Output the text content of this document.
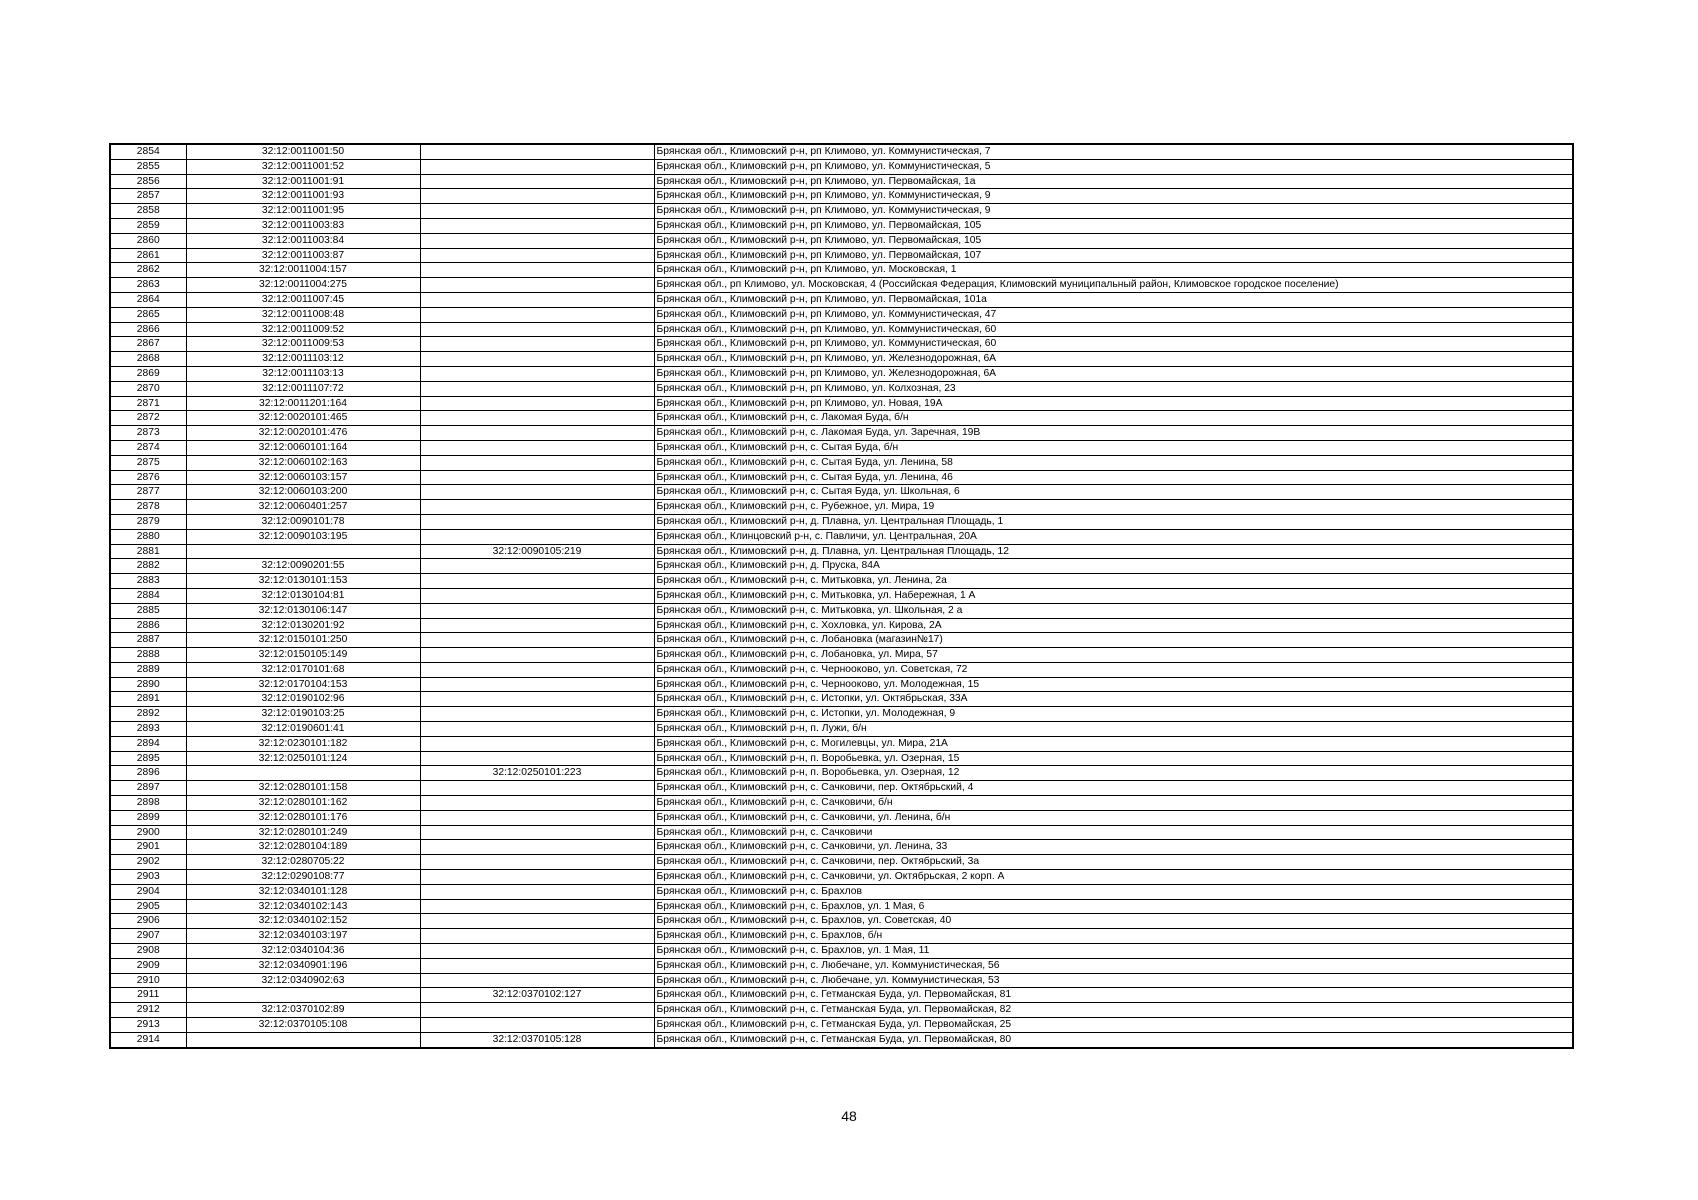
2854	32:12:0011001:50		Брянская обл., Климовский р-н, рп Климово, ул. Коммунистическая, 7
2855	32:12:0011001:52		Брянская обл., Климовский р-н, рп Климово, ул. Коммунистическая, 5
2856	32:12:0011001:91		Брянская обл., Климовский р-н, рп Климово, ул. Первомайская, 1а
2857	32:12:0011001:93		Брянская обл., Климовский р-н, рп Климово, ул. Коммунистическая, 9
2858	32:12:0011001:95		Брянская обл., Климовский р-н, рп Климово, ул. Коммунистическая, 9
2859	32:12:0011003:83		Брянская обл., Климовский р-н, рп Климово, ул. Первомайская, 105
2860	32:12:0011003:84		Брянская обл., Климовский р-н, рп Климово, ул. Первомайская, 105
2861	32:12:0011003:87		Брянская обл., Климовский р-н, рп Климово, ул. Первомайская, 107
2862	32:12:0011004:157		Брянская обл., Климовский р-н, рп Климово, ул. Московская, 1
2863	32:12:0011004:275		Брянская обл., рп Климово, ул. Московская, 4 (Российская Федерация, Климовский муниципальный район, Климовское городское поселение)
2864	32:12:0011007:45		Брянская обл., Климовский р-н, рп Климово, ул. Первомайская, 101а
2865	32:12:0011008:48		Брянская обл., Климовский р-н, рп Климово, ул. Коммунистическая, 47
2866	32:12:0011009:52		Брянская обл., Климовский р-н, рп Климово, ул. Коммунистическая, 60
2867	32:12:0011009:53		Брянская обл., Климовский р-н, рп Климово, ул. Коммунистическая, 60
2868	32:12:0011103:12		Брянская обл., Климовский р-н, рп Климово, ул. Железнодорожная, 6А
2869	32:12:0011103:13		Брянская обл., Климовский р-н, рп Климово, ул. Железнодорожная, 6А
2870	32:12:0011107:72		Брянская обл., Климовский р-н, рп Климово, ул. Колхозная, 23
2871	32:12:0011201:164		Брянская обл., Климовский р-н, рп Климово, ул. Новая, 19А
2872	32:12:0020101:465		Брянская обл., Климовский р-н, с. Лакомая Буда, б/н
2873	32:12:0020101:476		Брянская обл., Климовский р-н, с. Лакомая Буда, ул. Заречная, 19В
2874	32:12:0060101:164		Брянская обл., Климовский р-н, с. Сытая Буда, б/н
2875	32:12:0060102:163		Брянская обл., Климовский р-н, с. Сытая Буда, ул. Ленина, 58
2876	32:12:0060103:157		Брянская обл., Климовский р-н, с. Сытая Буда, ул. Ленина, 46
2877	32:12:0060103:200		Брянская обл., Климовский р-н, с. Сытая Буда, ул. Школьная, 6
2878	32:12:0060401:257		Брянская обл., Климовский р-н, с. Рубежное, ул. Мира, 19
2879	32:12:0090101:78		Брянская обл., Климовский р-н, д. Плавна, ул. Центральная Площадь, 1
2880	32:12:0090103:195		Брянская обл., Клинцовский р-н, с. Павличи, ул. Центральная, 20А
2881		32:12:0090105:219	Брянская обл., Климовский р-н, д. Плавна, ул. Центральная Площадь, 12
2882	32:12:0090201:55		Брянская обл., Климовский р-н, д. Пруска, 84А
2883	32:12:0130101:153		Брянская обл., Климовский р-н, с. Митьковка, ул. Ленина, 2а
2884	32:12:0130104:81		Брянская обл., Климовский р-н, с. Митьковка, ул. Набережная, 1 А
2885	32:12:0130106:147		Брянская обл., Климовский р-н, с. Митьковка, ул. Школьная, 2 а
2886	32:12:0130201:92		Брянская обл., Климовский р-н, с. Хохловка, ул. Кирова, 2А
2887	32:12:0150101:250		Брянская обл., Климовский р-н, с. Лобановка (магазин№17)
2888	32:12:0150105:149		Брянская обл., Климовский р-н, с. Лобановка, ул. Мира, 57
2889	32:12:0170101:68		Брянская обл., Климовский р-н, с. Чернооково, ул. Советская, 72
2890	32:12:0170104:153		Брянская обл., Климовский р-н, с. Чернооково, ул. Молодежная, 15
2891	32:12:0190102:96		Брянская обл., Климовский р-н, с. Истопки, ул. Октябрьская, 33А
2892	32:12:0190103:25		Брянская обл., Климовский р-н, с. Истопки, ул. Молодежная, 9
2893	32:12:0190601:41		Брянская обл., Климовский р-н, п. Лужи, б/н
2894	32:12:0230101:182		Брянская обл., Климовский р-н, с. Могилевцы, ул. Мира, 21А
2895	32:12:0250101:124		Брянская обл., Климовский р-н, п. Воробьевка, ул. Озерная, 15
2896		32:12:0250101:223	Брянская обл., Климовский р-н, п. Воробьевка, ул. Озерная, 12
2897	32:12:0280101:158		Брянская обл., Климовский р-н, с. Сачковичи, пер. Октябрьский, 4
2898	32:12:0280101:162		Брянская обл., Климовский р-н, с. Сачковичи, б/н
2899	32:12:0280101:176		Брянская обл., Климовский р-н, с. Сачковичи, ул. Ленина, б/н
2900	32:12:0280101:249		Брянская обл., Климовский р-н, с. Сачковичи
2901	32:12:0280104:189		Брянская обл., Климовский р-н, с. Сачковичи, ул. Ленина, 33
2902	32:12:0280705:22		Брянская обл., Климовский р-н, с. Сачковичи, пер. Октябрьский, 3а
2903	32:12:0290108:77		Брянская обл., Климовский р-н, с. Сачковичи, ул. Октябрьская, 2 корп. А
2904	32:12:0340101:128		Брянская обл., Климовский р-н, с. Брахлов
2905	32:12:0340102:143		Брянская обл., Климовский р-н, с. Брахлов, ул. 1 Мая, 6
2906	32:12:0340102:152		Брянская обл., Климовский р-н, с. Брахлов, ул. Советская, 40
2907	32:12:0340103:197		Брянская обл., Климовский р-н, с. Брахлов, б/н
2908	32:12:0340104:36		Брянская обл., Климовский р-н, с. Брахлов, ул. 1 Мая, 11
2909	32:12:0340901:196		Брянская обл., Климовский р-н, с. Любечане, ул. Коммунистическая, 56
2910	32:12:0340902:63		Брянская обл., Климовский р-н, с. Любечане, ул. Коммунистическая, 53
2911		32:12:0370102:127	Брянская обл., Климовский р-н, с. Гетманская Буда, ул. Первомайская, 81
2912	32:12:0370102:89		Брянская обл., Климовский р-н, с. Гетманская Буда, ул. Первомайская, 82
2913	32:12:0370105:108		Брянская обл., Климовский р-н, с. Гетманская Буда, ул. Первомайская, 25
2914		32:12:0370105:128	Брянская обл., Климовский р-н, с. Гетманская Буда, ул. Первомайская, 80
48
